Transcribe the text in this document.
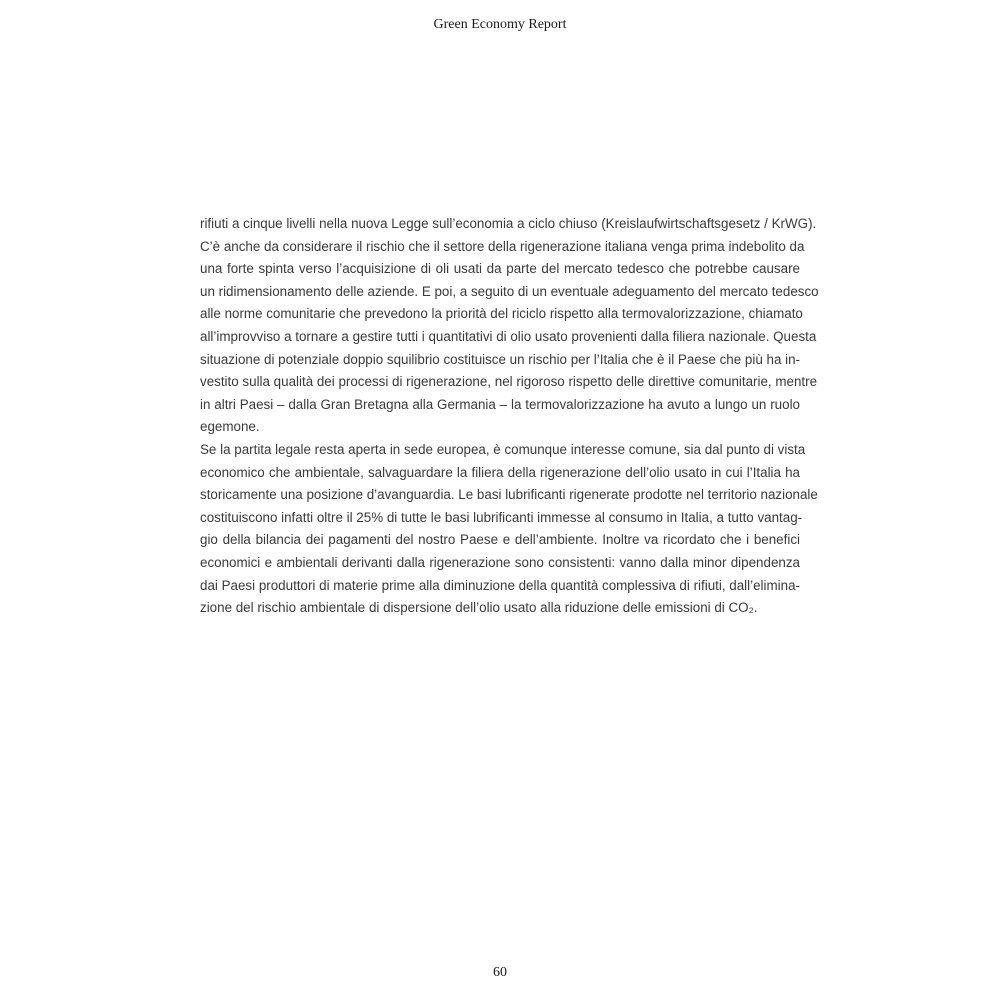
Green Economy Report
rifiuti a cinque livelli nella nuova Legge sull’economia a ciclo chiuso (Kreislaufwirtschaftsgesetz / KrWG).
C’è anche da considerare il rischio che il settore della rigenerazione italiana venga prima indebolito da
una forte spinta verso l’acquisizione di oli usati da parte del mercato tedesco che potrebbe causare
un ridimensionamento delle aziende. E poi, a seguito di un eventuale adeguamento del mercato tedesco
alle norme comunitarie che prevedono la priorità del riciclo rispetto alla termovalorizzazione, chiamato
all’improvviso a tornare a gestire tutti i quantitativi di olio usato provenienti dalla filiera nazionale. Questa
situazione di potenziale doppio squilibrio costituisce un rischio per l’Italia che è il Paese che più ha in-
vestito sulla qualità dei processi di rigenerazione, nel rigoroso rispetto delle direttive comunitarie, mentre
in altri Paesi – dalla Gran Bretagna alla Germania – la termovalorizzazione ha avuto a lungo un ruolo
egemone.
Se la partita legale resta aperta in sede europea, è comunque interesse comune, sia dal punto di vista
economico che ambientale, salvaguardare la filiera della rigenerazione dell’olio usato in cui l’Italia ha
storicamente una posizione d’avanguardia. Le basi lubrificanti rigenerate prodotte nel territorio nazionale
costituiscono infatti oltre il 25% di tutte le basi lubrificanti immesse al consumo in Italia, a tutto vantag-
gio della bilancia dei pagamenti del nostro Paese e dell’ambiente. Inoltre va ricordato che i benefici
economici e ambientali derivanti dalla rigenerazione sono consistenti: vanno dalla minor dipendenza
dai Paesi produttori di materie prime alla diminuzione della quantità complessiva di rifiuti, dall’elimina-
zione del rischio ambientale di dispersione dell’olio usato alla riduzione delle emissioni di CO₂.
60
